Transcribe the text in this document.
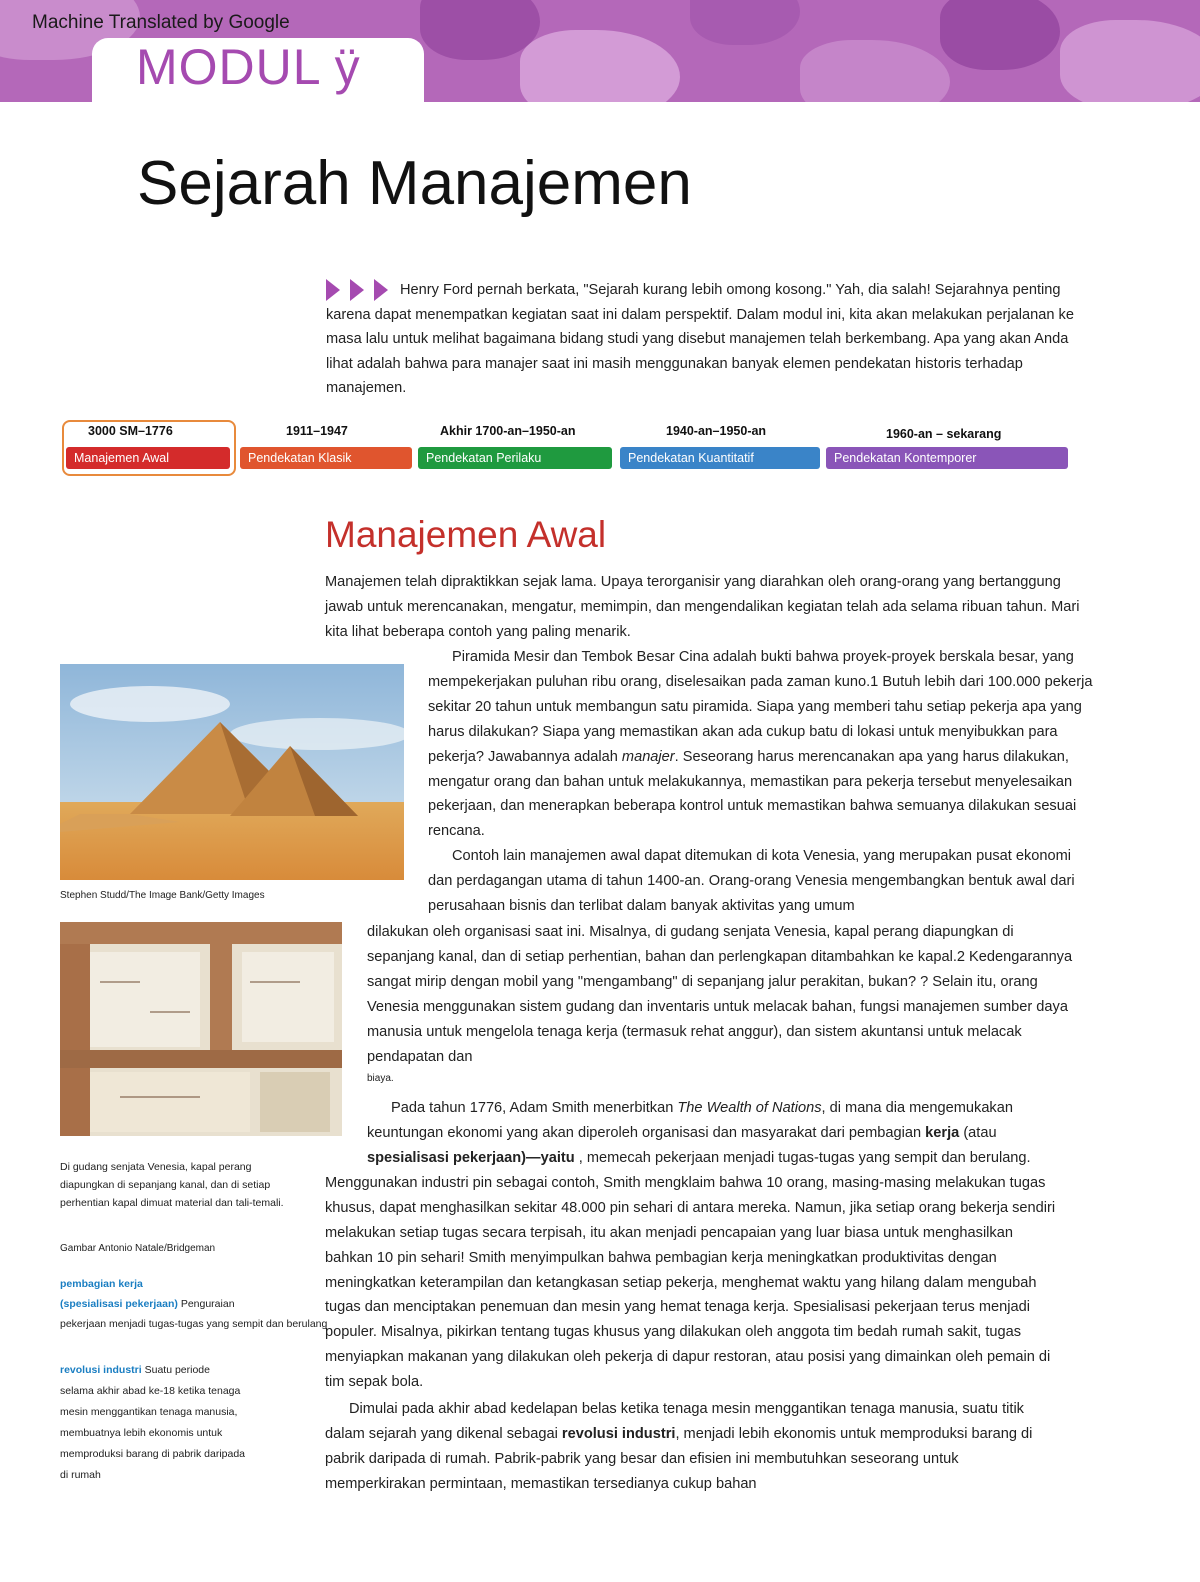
Machine Translated by Google
MODUL ÿ
Sejarah Manajemen
Henry Ford pernah berkata, "Sejarah kurang lebih omong kosong." Yah, dia salah! Sejarahnya penting karena dapat menempatkan kegiatan saat ini dalam perspektif. Dalam modul ini, kita akan melakukan perjalanan ke masa lalu untuk melihat bagaimana bidang studi yang disebut manajemen telah berkembang. Apa yang akan Anda lihat adalah bahwa para manajer saat ini masih menggunakan banyak elemen pendekatan historis terhadap manajemen.
3000 SM–1776
Manajemen Awal
1911–1947
Pendekatan Klasik
Akhir 1700-an–1950-an
Pendekatan Perilaku
1940-an–1950-an
Pendekatan Kuantitatif
1960-an – sekarang
Pendekatan Kontemporer
Manajemen Awal

Manajemen telah dipraktikkan sejak lama. Upaya terorganisir yang diarahkan oleh orang-orang yang bertanggung jawab untuk merencanakan, mengatur, memimpin, dan mengendalikan kegiatan telah ada selama ribuan tahun. Mari kita lihat beberapa contoh yang paling menarik.

Piramida Mesir dan Tembok Besar Cina adalah bukti bahwa proyek-proyek berskala besar, yang mempekerjakan puluhan ribu orang, diselesaikan pada zaman kuno.1 Butuh lebih dari 100.000 pekerja sekitar 20 tahun untuk membangun satu piramida. Siapa yang memberi tahu setiap pekerja apa yang harus dilakukan? Siapa yang memastikan akan ada cukup batu di lokasi untuk menyibukkan para pekerja? Jawabannya adalah manajer. Seseorang harus merencanakan apa yang harus dilakukan, mengatur orang dan bahan untuk melakukannya, memastikan para pekerja tersebut menyelesaikan pekerjaan, dan menerapkan beberapa kontrol untuk memastikan bahwa semuanya dilakukan sesuai rencana.

Contoh lain manajemen awal dapat ditemukan di kota Venesia, yang merupakan pusat ekonomi dan perdagangan utama di tahun 1400-an. Orang-orang Venesia mengembangkan bentuk awal dari perusahaan bisnis dan terlibat dalam banyak aktivitas yang umum

dilakukan oleh organisasi saat ini. Misalnya, di gudang senjata Venesia, kapal perang diapungkan di sepanjang kanal, dan di setiap perhentian, bahan dan perlengkapan ditambahkan ke kapal.2 Kedengarannya sangat mirip dengan mobil yang "mengambang" di sepanjang jalur perakitan, bukan? ? Selain itu, orang Venesia menggunakan sistem gudang dan inventaris untuk melacak bahan, fungsi manajemen sumber daya manusia untuk mengelola tenaga kerja (termasuk rehat anggur), dan sistem akuntansi untuk melacak pendapatan dan

biaya.

Pada tahun 1776, Adam Smith menerbitkan The Wealth of Nations, di mana dia mengemukakan keuntungan ekonomi yang akan diperoleh organisasi dan masyarakat dari pembagian kerja (atau

spesialisasi pekerjaan)—yaitu , memecah pekerjaan menjadi tugas-tugas yang sempit dan berulang. Menggunakan industri pin sebagai contoh, Smith mengklaim bahwa 10 orang, masing-masing melakukan tugas khusus, dapat menghasilkan sekitar 48.000 pin sehari di antara mereka. Namun, jika setiap orang bekerja sendiri melakukan setiap tugas secara terpisah, itu akan menjadi pencapaian yang luar biasa untuk menghasilkan bahkan 10 pin sehari! Smith menyimpulkan bahwa pembagian kerja meningkatkan produktivitas dengan meningkatkan keterampilan dan ketangkasan setiap pekerja, menghemat waktu yang hilang dalam mengubah tugas dan menciptakan penemuan dan mesin yang hemat tenaga kerja. Spesialisasi pekerjaan terus menjadi populer. Misalnya, pikirkan tentang tugas khusus yang dilakukan oleh anggota tim bedah rumah sakit, tugas menyiapkan makanan yang dilakukan oleh pekerja di dapur restoran, atau posisi yang dimainkan oleh pemain di tim sepak bola.

Dimulai pada akhir abad kedelapan belas ketika tenaga mesin menggantikan tenaga manusia, suatu titik dalam sejarah yang dikenal sebagai revolusi industri, menjadi lebih ekonomis untuk memproduksi barang di pabrik daripada di rumah. Pabrik-pabrik yang besar dan efisien ini membutuhkan seseorang untuk memperkirakan permintaan, memastikan tersedianya cukup bahan

Stephen Studd/The Image Bank/Getty Images
Di gudang senjata Venesia, kapal perang diapungkan di sepanjang kanal, dan di setiap perhentian kapal dimuat material dan tali-temali.
Gambar Antonio Natale/Bridgeman
pembagian kerja
(spesialisasi pekerjaan) Penguraian
pekerjaan menjadi tugas-tugas yang sempit dan berulang
revolusi industri Suatu periode
selama akhir abad ke-18 ketika tenaga
mesin menggantikan tenaga manusia,
membuatnya lebih ekonomis untuk
memproduksi barang di pabrik daripada
di rumah
